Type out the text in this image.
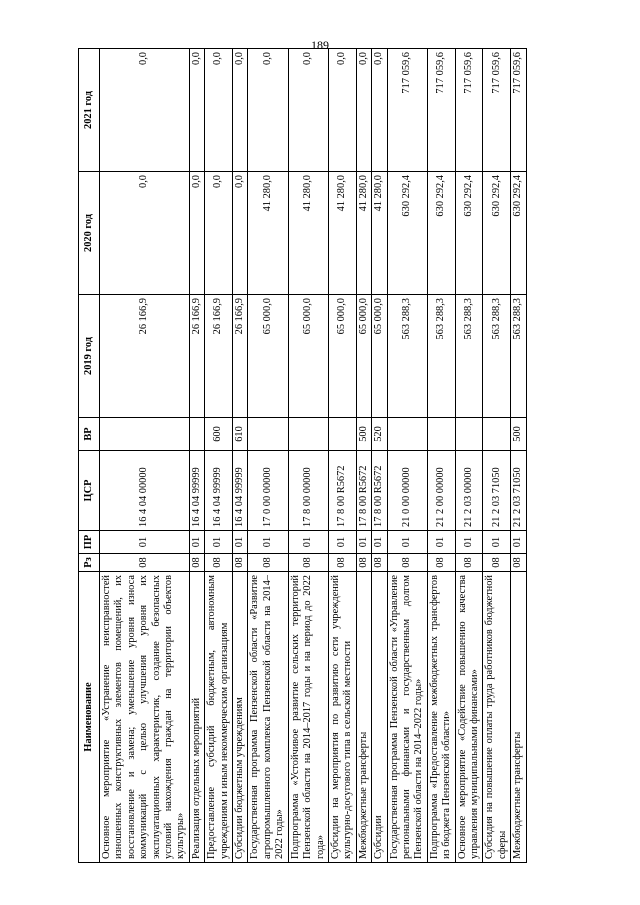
189
Наименование	Рз	ПР	ЦСР	ВР	2019 год	2020 год	2021 год
Основное мероприятие «Устранение неисправностей изношенных конструктивных элементов помещений, их восстановление и замена; уменьшение уровня износа коммуникаций с целью улучшения уровня их эксплуатационных характеристик, создание безопасных условий нахождения граждан на территории объектов культуры»	08	01	16 4 04 00000		26 166,9	0,0	0,0
Реализация отдельных мероприятий	08	01	16 4 04 99999		26 166,9	0,0	0,0
Предоставление субсидий бюджетным, автономным учреждениям и иным некоммерческим организациям	08	01	16 4 04 99999	600	26 166,9	0,0	0,0
Субсидии бюджетным учреждениям	08	01	16 4 04 99999	610	26 166,9	0,0	0,0
Государственная программа Пензенской области «Развитие агропромышленного комплекса Пензенской области на 2014–2022 годы»	08	01	17 0 00 00000		65 000,0	41 280,0	0,0
Подпрограмма «Устойчивое развитие сельских территорий Пензенской области на 2014–2017 годы и на период до 2022 года»	08	01	17 8 00 00000		65 000,0	41 280,0	0,0
Субсидии на мероприятия по развитию сети учреждений культурно-досугового типа в сельской местности	08	01	17 8 00 R5672		65 000,0	41 280,0	0,0
Межбюджетные трансферты	08	01	17 8 00 R5672	500	65 000,0	41 280,0	0,0
Субсидии	08	01	17 8 00 R5672	520	65 000,0	41 280,0	0,0
Государственная программа Пензенской области «Управление региональными финансами и государственным долгом Пензенской области на 2014–2022 годы»	08	01	21 0 00 00000		563 288,3	630 292,4	717 059,6
Подпрограмма «Предоставление межбюджетных трансфертов из бюджета Пензенской области»	08	01	21 2 00 00000		563 288,3	630 292,4	717 059,6
Основное мероприятие «Содействие повышению качества управления муниципальными финансами»	08	01	21 2 03 00000		563 288,3	630 292,4	717 059,6
Субсидия на повышение оплаты труда работников бюджетной сферы	08	01	21 2 03 71050		563 288,3	630 292,4	717 059,6
Межбюджетные трансферты	08	01	21 2 03 71050	500	563 288,3	630 292,4	717 059,6
